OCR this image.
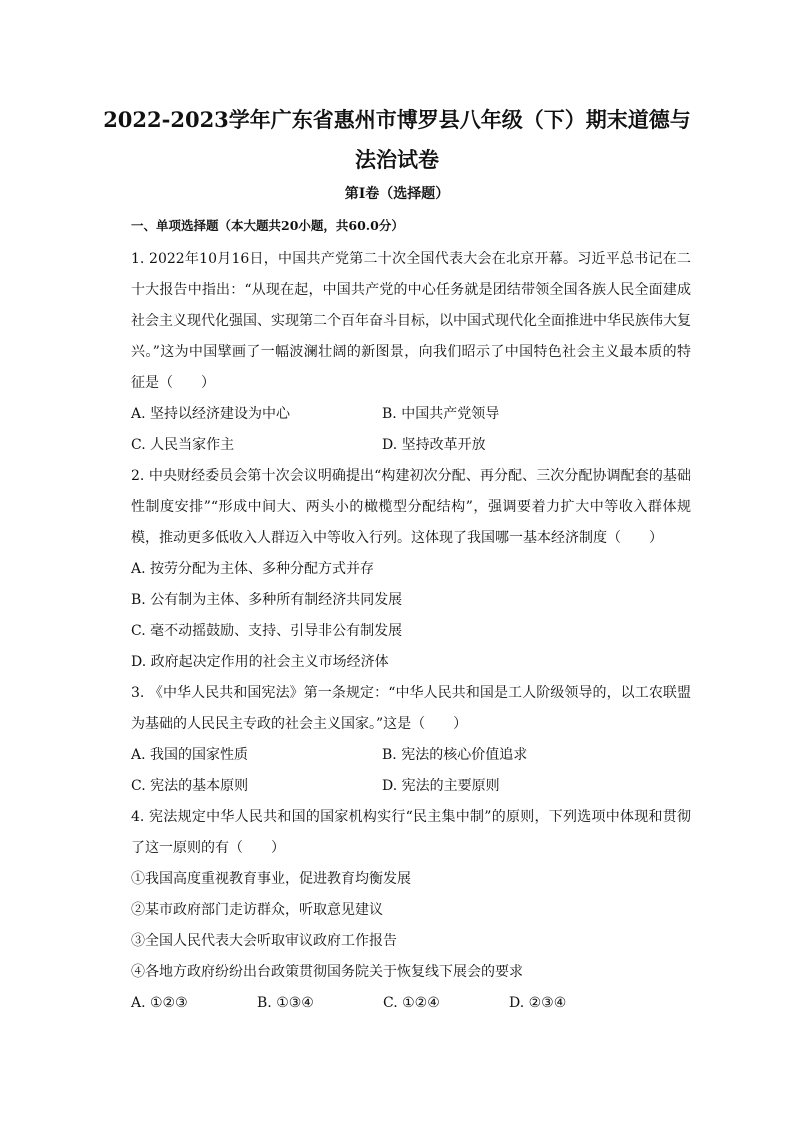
2022-2023学年广东省惠州市博罗县八年级（下）期末道德与法治试卷
第Ⅰ卷（选择题）
一、单项选择题（本大题共20小题，共60.0分）

1. 2022年10月16日，中国共产党第二十次全国代表大会在北京开幕。习近平总书记在二十大报告中指出：“从现在起，中国共产党的中心任务就是团结带领全国各族人民全面建成社会主义现代化强国、实现第二个百年奋斗目标，以中国式现代化全面推进中华民族伟大复兴。”这为中国擘画了一幅波澜壮阔的新图景，向我们昭示了中国特色社会主义最本质的特征是（　　）

A. 坚持以经济建设为中心	B. 中国共产党领导
C. 人民当家作主	D. 坚持改革开放

2. 中央财经委员会第十次会议明确提出“构建初次分配、再分配、三次分配协调配套的基础性制度安排”“形成中间大、两头小的橄榄型分配结构”，强调要着力扩大中等收入群体规模，推动更多低收入人群迈入中等收入行列。这体现了我国哪一基本经济制度（　　）

A. 按劳分配为主体、多种分配方式并存
B. 公有制为主体、多种所有制经济共同发展
C. 毫不动摇鼓励、支持、引导非公有制发展
D. 政府起决定作用的社会主义市场经济体

3. 《中华人民共和国宪法》第一条规定：“中华人民共和国是工人阶级领导的，以工农联盟为基础的人民民主专政的社会主义国家。”这是（　　）

A. 我国的国家性质	B. 宪法的核心价值追求
C. 宪法的基本原则	D. 宪法的主要原则

4. 宪法规定中华人民共和国的国家机构实行“民主集中制”的原则，下列选项中体现和贯彻了这一原则的有（　　）

①我国高度重视教育事业，促进教育均衡发展
②某市政府部门走访群众，听取意见建议
③全国人民代表大会听取审议政府工作报告
④各地方政府纷纷出台政策贯彻国务院关于恢复线下展会的要求
A. ①②③	B. ①③④	C. ①②④	D. ②③④
